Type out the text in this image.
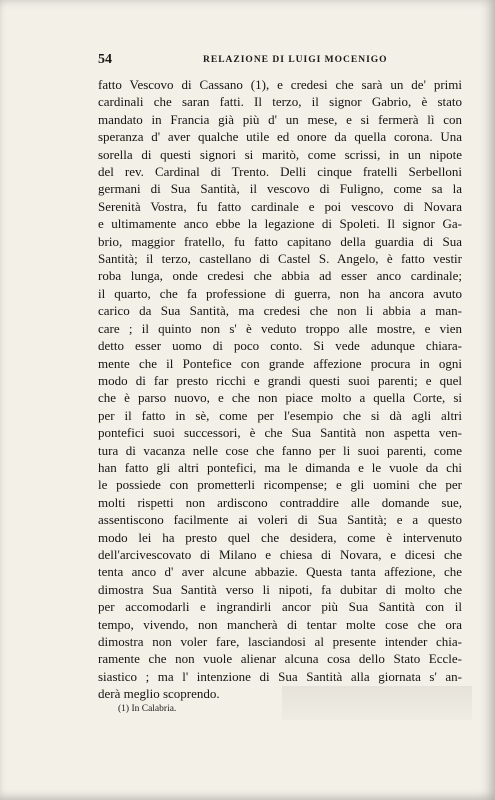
54	RELAZIONE DI LUIGI MOCENIGO
fatto Vescovo di Cassano (1), e credesi che sarà un de' primi
cardinali che saran fatti. Il terzo, il signor Gabrio, è stato
mandato in Francia già più d' un mese, e si fermerà lì con
speranza d' aver qualche utile ed onore da quella corona. Una
sorella di questi signori si maritò, come scrissi, in un nipote
del rev. Cardinal di Trento. Delli cinque fratelli Serbelloni
germani di Sua Santità, il vescovo di Fuligno, come sa la
Serenità Vostra, fu fatto cardinale e poi vescovo di Novara
e ultimamente anco ebbe la legazione di Spoleti. Il signor Ga-
brio, maggior fratello, fu fatto capitano della guardia di Sua
Santità; il terzo, castellano di Castel S. Angelo, è fatto vestir
roba lunga, onde credesi che abbia ad esser anco cardinale;
il quarto, che fa professione di guerra, non ha ancora avuto
carico da Sua Santità, ma credesi che non li abbia a man-
care ; il quinto non s' è veduto troppo alle mostre, e vien
detto esser uomo di poco conto. Si vede adunque chiara-
mente che il Pontefice con grande affezione procura in ogni
modo di far presto ricchi e grandi questi suoi parenti; e quel
che è parso nuovo, e che non piace molto a quella Corte, si
per il fatto in sè, come per l'esempio che si dà agli altri
pontefici suoi successori, è che Sua Santità non aspetta ven-
tura di vacanza nelle cose che fanno per li suoi parenti, come
han fatto gli altri pontefici, ma le dimanda e le vuole da chi
le possiede con prometterli ricompense; e gli uomini che per
molti rispetti non ardiscono contraddire alle domande sue,
assentiscono facilmente ai voleri di Sua Santità; e a questo
modo lei ha presto quel che desidera, come è intervenuto
dell'arcivescovato di Milano e chiesa di Novara, e dicesi che
tenta anco d' aver alcune abbazie. Questa tanta affezione, che
dimostra Sua Santità verso li nipoti, fa dubitar di molto che
per accomodarli e ingrandirli ancor più Sua Santità con il
tempo, vivendo, non mancherà di tentar molte cose che ora
dimostra non voler fare, lasciandosi al presente intender chia-
ramente che non vuole alienar alcuna cosa dello Stato Eccle-
siastico ; ma l' intenzione di Sua Santità alla giornata s' an-
derà meglio scoprendo.
(1) In Calabria.
